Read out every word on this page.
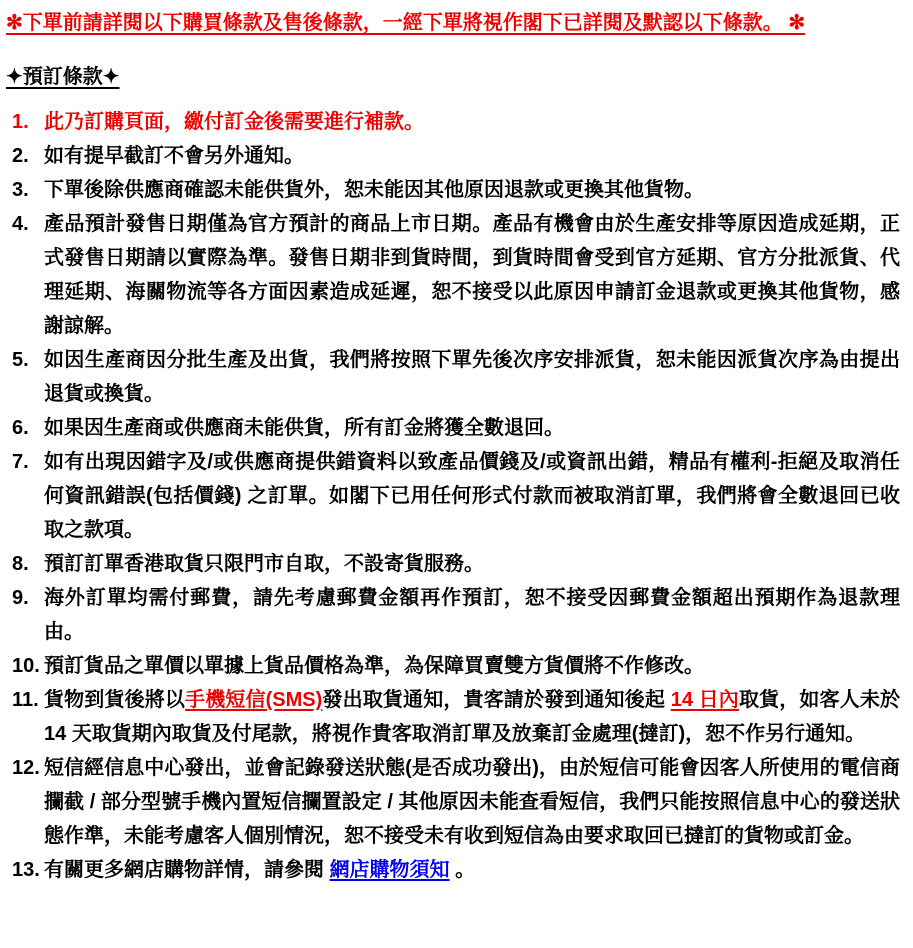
✻下單前請詳閱以下購買條款及售後條款，一經下單將視作閣下已詳閱及默認以下條款。 ✻
✦預訂條款✦
1. 此乃訂購頁面，繳付訂金後需要進行補款。
2. 如有提早截訂不會另外通知。
3. 下單後除供應商確認未能供貨外，恕未能因其他原因退款或更換其他貨物。
4. 產品預計發售日期僅為官方預計的商品上市日期。產品有機會由於生產安排等原因造成延期，正式發售日期請以實際為準。發售日期非到貨時間，到貨時間會受到官方延期、官方分批派貨、代理延期、海關物流等各方面因素造成延遲，恕不接受以此原因申請訂金退款或更換其他貨物，感謝諒解。
5. 如因生產商因分批生產及出貨，我們將按照下單先後次序安排派貨，恕未能因派貨次序為由提出退貨或換貨。
6. 如果因生產商或供應商未能供貨，所有訂金將獲全數退回。
7. 如有出現因錯字及/或供應商提供錯資料以致產品價錢及/或資訊出錯，精品有權利-拒絕及取消任何資訊錯誤(包括價錢) 之訂單。如閣下已用任何形式付款而被取消訂單，我們將會全數退回已收取之款項。
8. 預訂訂單香港取貨只限門市自取，不設寄貨服務。
9. 海外訂單均需付郵費，請先考慮郵費金額再作預訂，恕不接受因郵費金額超出預期作為退款理由。
10. 預訂貨品之單價以單據上貨品價格為準，為保障買賣雙方貨價將不作修改。
11. 貨物到貨後將以手機短信(SMS)發出取貨通知，貴客請於發到通知後起 14 日內取貨，如客人未於 14 天取貨期內取貨及付尾款，將視作貴客取消訂單及放棄訂金處理(撻訂)，恕不作另行通知。
12. 短信經信息中心發出，並會記錄發送狀態(是否成功發出)，由於短信可能會因客人所使用的電信商攔截 / 部分型號手機內置短信攔置設定 / 其他原因未能查看短信，我們只能按照信息中心的發送狀態作準，未能考慮客人個別情況，恕不接受未有收到短信為由要求取回已撻訂的貨物或訂金。
13. 有關更多網店購物詳情，請參閱 網店購物須知 。
